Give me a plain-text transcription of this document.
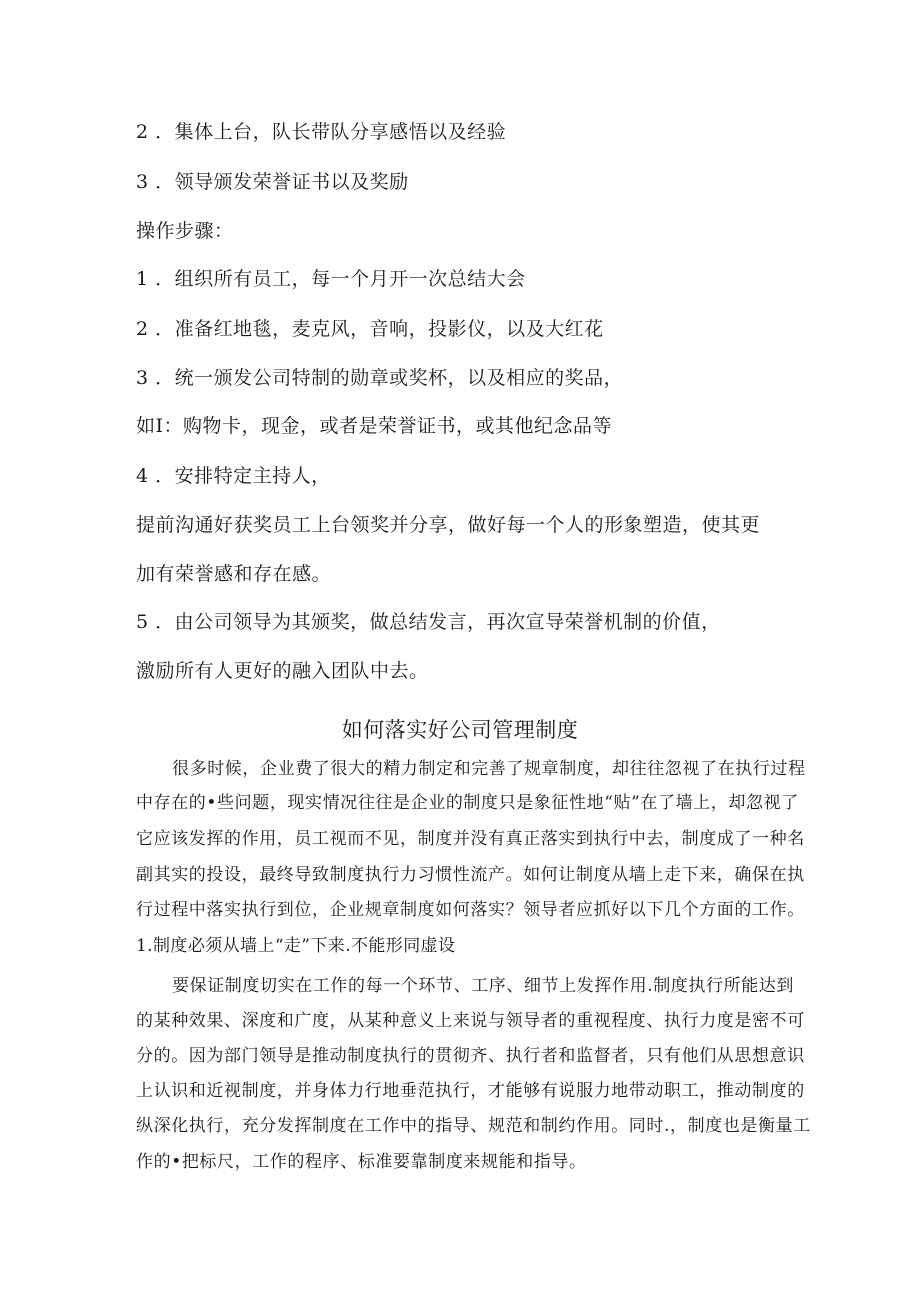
2 ．集体上台，队长带队分享感悟以及经验
3 ．领导颁发荣誉证书以及奖励
操作步骤：
1 ．组织所有员工，每一个月开一次总结大会
2 ．准备红地毯，麦克风，音响，投影仪，以及大红花
3 ．统一颁发公司特制的勋章或奖杯，以及相应的奖品，
如I：购物卡，现金，或者是荣誉证书，或其他纪念品等
4 ．安排特定主持人，
提前沟通好获奖员工上台领奖并分享，做好每一个人的形象塑造，使其更
加有荣誉感和存在感。
5 ．由公司领导为其颁奖，做总结发言，再次宣导荣誉机制的价值，
激励所有人更好的融入团队中去。
如何落实好公司管理制度
很多时候，企业费了很大的精力制定和完善了规章制度，却往往忽视了在执行过程
中存在的•些问题，现实情况往往是企业的制度只是象征性地“贴”在了墙上，却忽视了
它应该发挥的作用，员工视而不见，制度并没有真正落实到执行中去，制度成了一种名
副其实的投设，最终导致制度执行力习惯性流产。如何让制度从墙上走下来，确保在执
行过程中落实执行到位，企业规章制度如何落实？领导者应抓好以下几个方面的工作。
1.制度必须从墙上“走”下来.不能形同虚设
要保证制度切实在工作的每一个环节、工序、细节上发挥作用.制度执行所能达到
的某种效果、深度和广度，从某种意义上来说与领导者的重视程度、执行力度是密不可
分的。因为部门领导是推动制度执行的贯彻齐、执行者和监督者，只有他们从思想意识
上认识和近视制度，并身体力行地垂范执行，才能够有说服力地带动职工，推动制度的
纵深化执行，充分发挥制度在工作中的指导、规范和制约作用。同时.，制度也是衡量工
作的•把标尺，工作的程序、标准要靠制度来规能和指导。
